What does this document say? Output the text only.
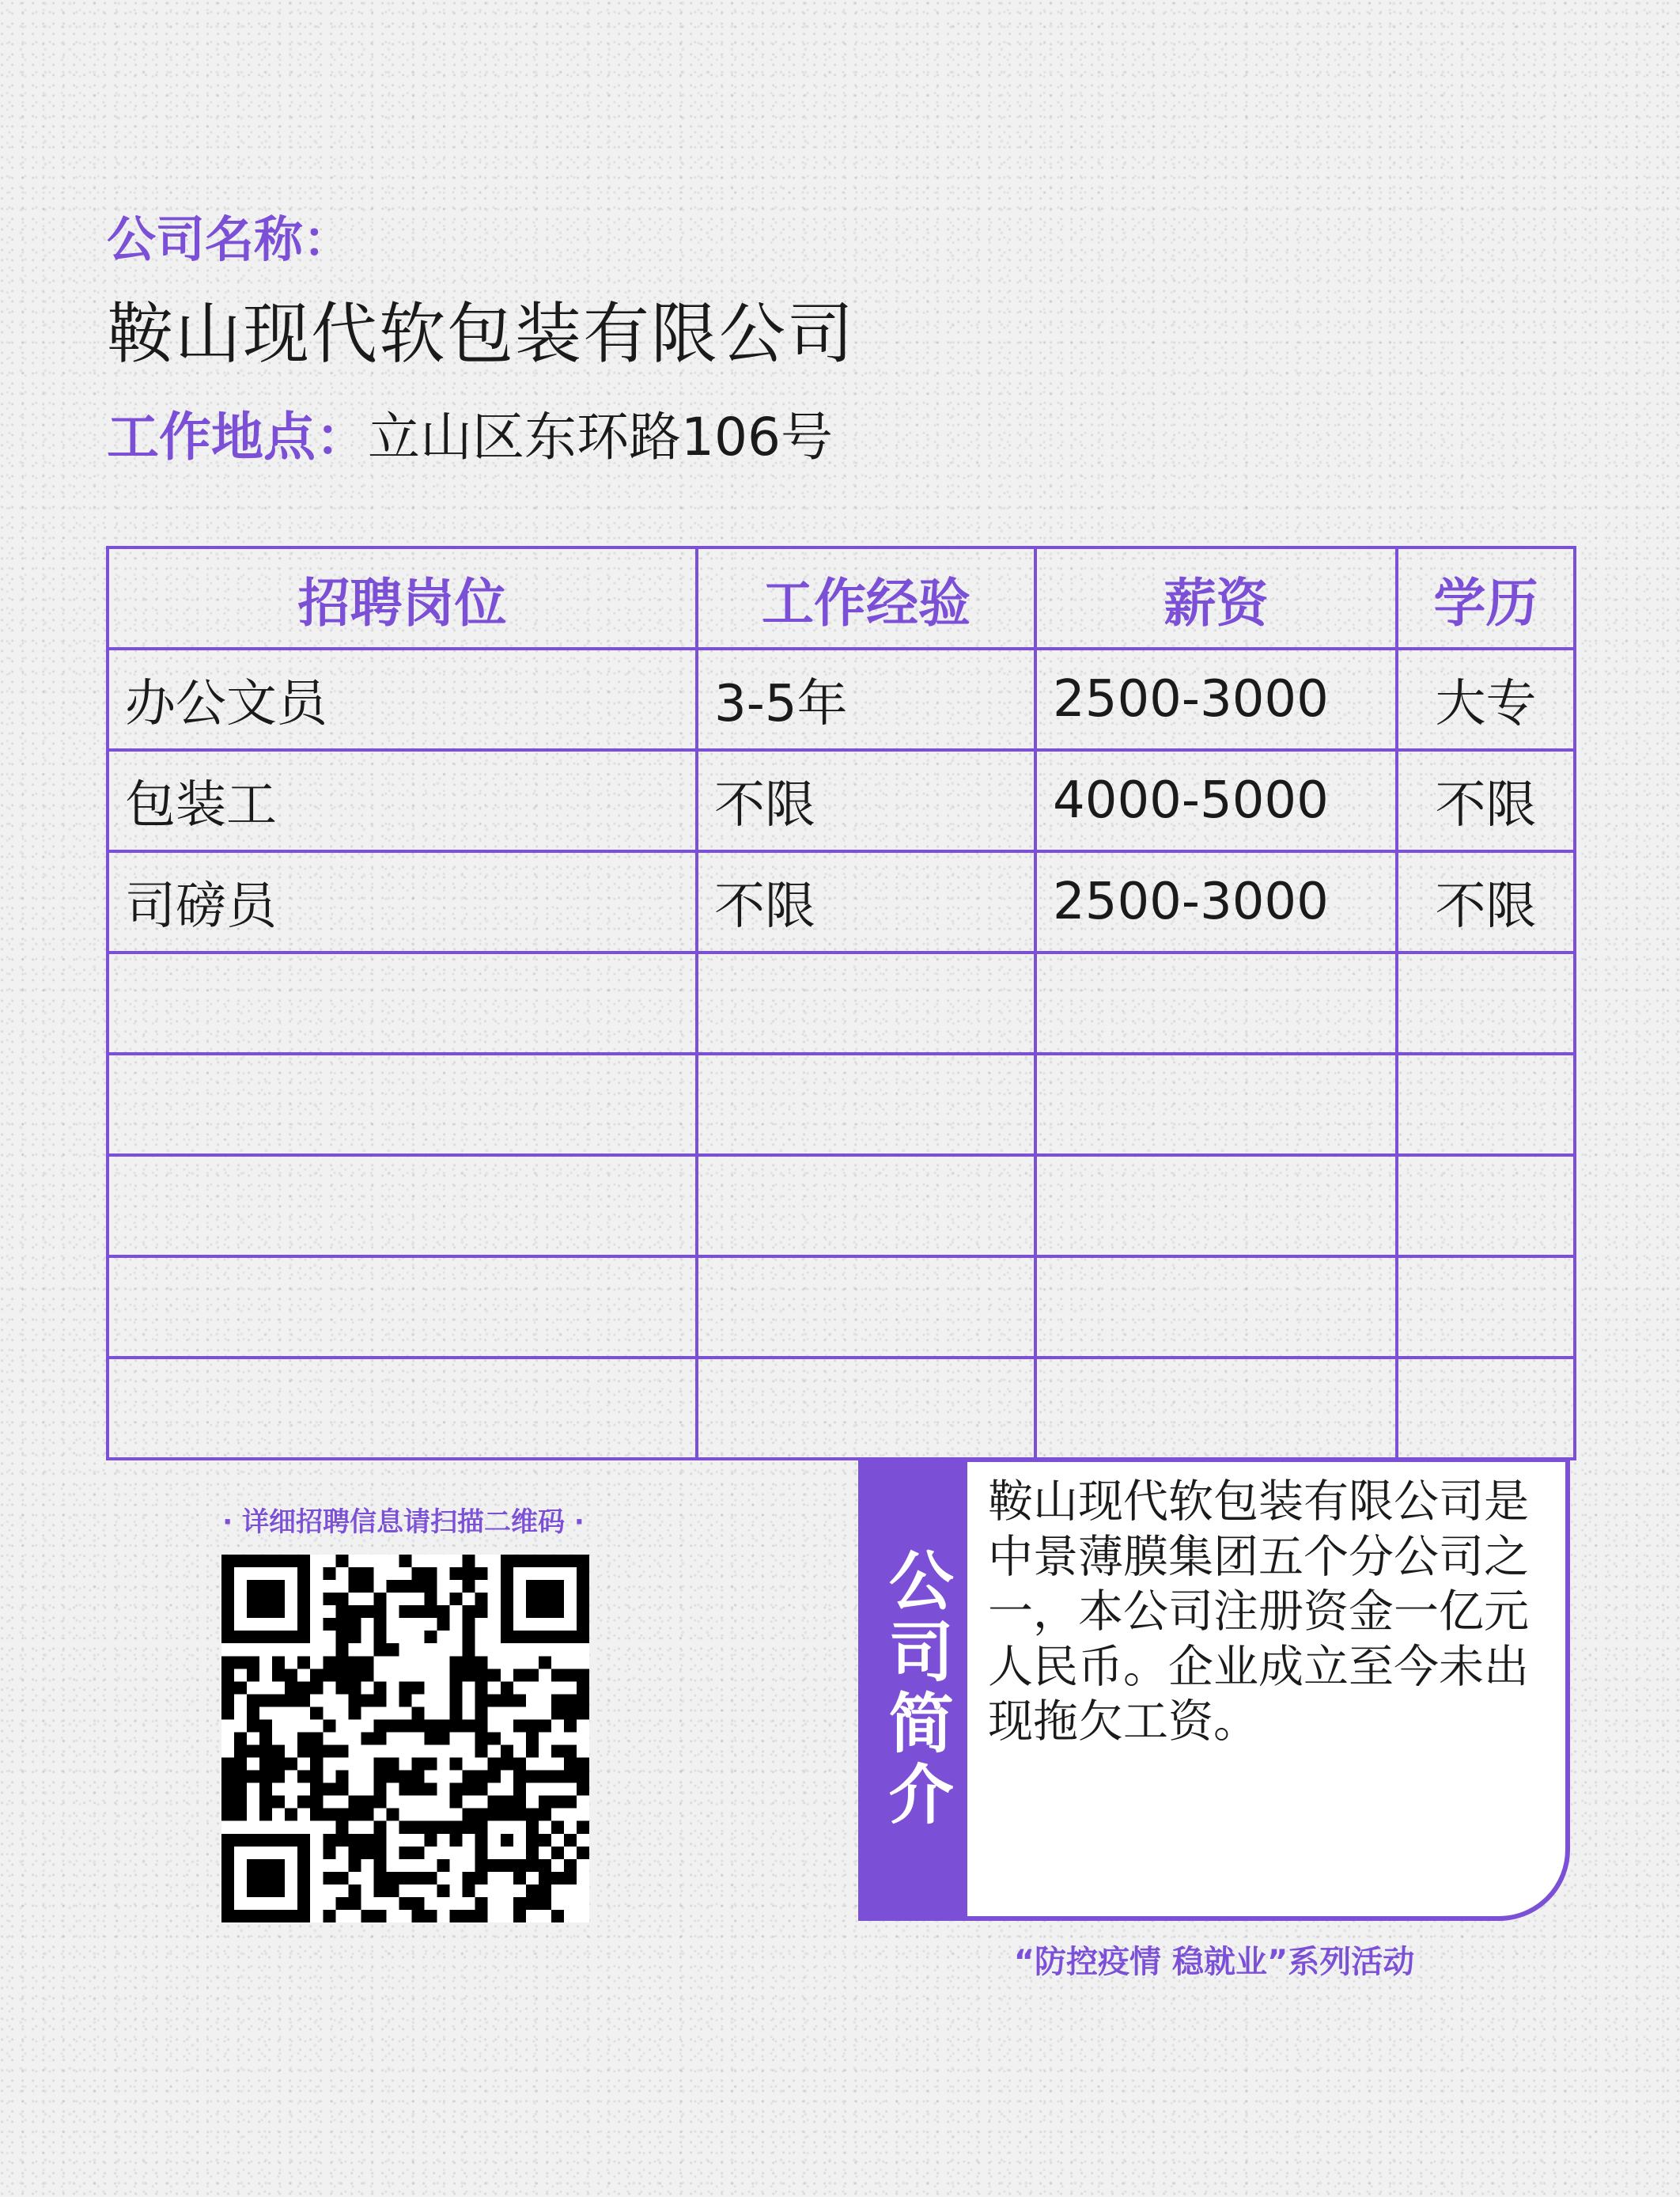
公司名称：
鞍山现代软包装有限公司
工作地点：立山区东环路106号
招聘岗位	工作经验	薪资	学历
办公文员	3-5年	2500-3000	大专
包装工	不限	4000-5000	不限
司磅员	不限	2500-3000	不限

· 详细招聘信息请扫描二维码 ·
公司简介
鞍山现代软包装有限公司是中景薄膜集团五个分公司之一，本公司注册资金一亿元人民币。企业成立至今未出现拖欠工资。
“防控疫情 稳就业”系列活动
